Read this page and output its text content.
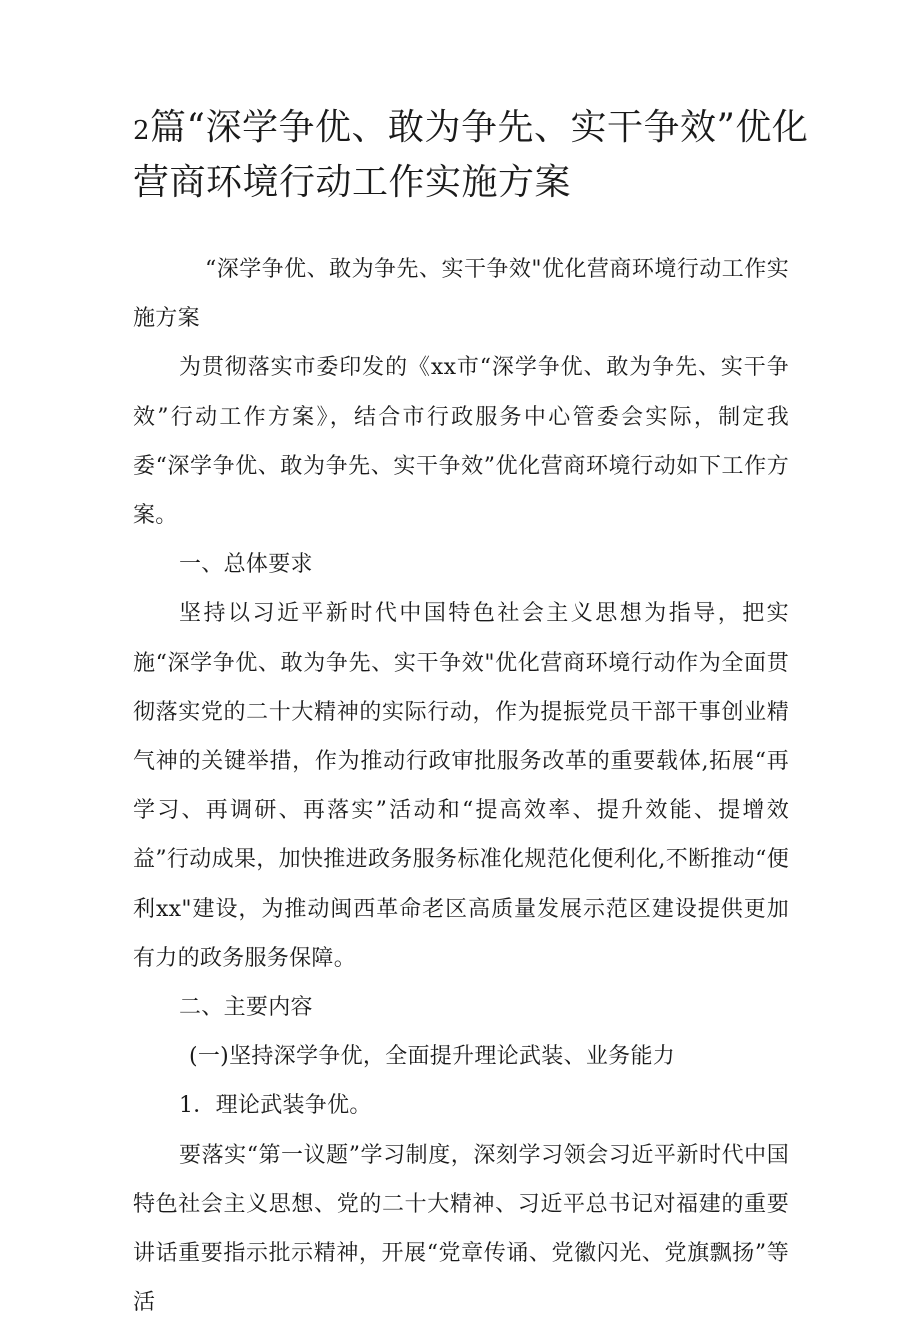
2篇“深学争优、敢为争先、实干争效”优化营商环境行动工作实施方案

“深学争优、敢为争先、实干争效"优化营商环境行动工作实施方案

为贯彻落实市委印发的《xx市“深学争优、敢为争先、实干争效”行动工作方案》，结合市行政服务中心管委会实际，制定我委“深学争优、敢为争先、实干争效”优化营商环境行动如下工作方案。

一、总体要求

坚持以习近平新时代中国特色社会主义思想为指导，把实施“深学争优、敢为争先、实干争效"优化营商环境行动作为全面贯彻落实党的二十大精神的实际行动，作为提振党员干部干事创业精气神的关键举措，作为推动行政审批服务改革的重要载体,拓展“再学习、再调研、再落实”活动和“提高效率、提升效能、提增效益”行动成果，加快推进政务服务标准化规范化便利化,不断推动“便利xx"建设，为推动闽西革命老区高质量发展示范区建设提供更加有力的政务服务保障。

二、主要内容

(一)坚持深学争优，全面提升理论武装、业务能力

1．理论武装争优。

要落实“第一议题”学习制度，深刻学习领会习近平新时代中国特色社会主义思想、党的二十大精神、习近平总书记对福建的重要讲话重要指示批示精神，开展“党章传诵、党徽闪光、党旗飘扬”等活
